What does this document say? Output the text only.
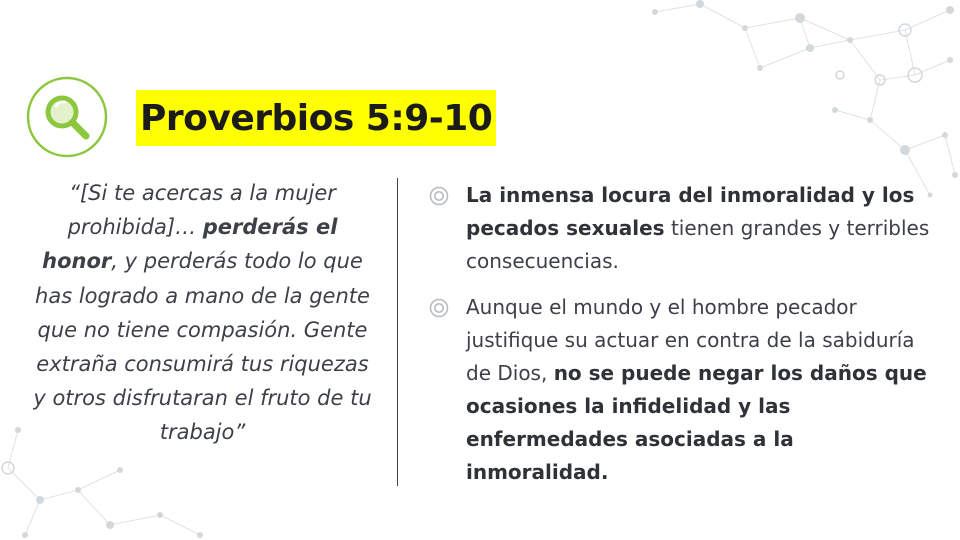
Proverbios 5:9-10
“[Si te acercas a la mujer prohibida]… perderás el honor, y perderás todo lo que has logrado a mano de la gente que no tiene compasión. Gente extraña consumirá tus riquezas y otros disfrutaran el fruto de tu trabajo”
La inmensa locura del inmoralidad y los pecados sexuales tienen grandes y terribles consecuencias.
Aunque el mundo y el hombre pecador justifique su actuar en contra de la sabiduría de Dios, no se puede negar los daños que ocasiones la infidelidad y las enfermedades asociadas a la inmoralidad.
